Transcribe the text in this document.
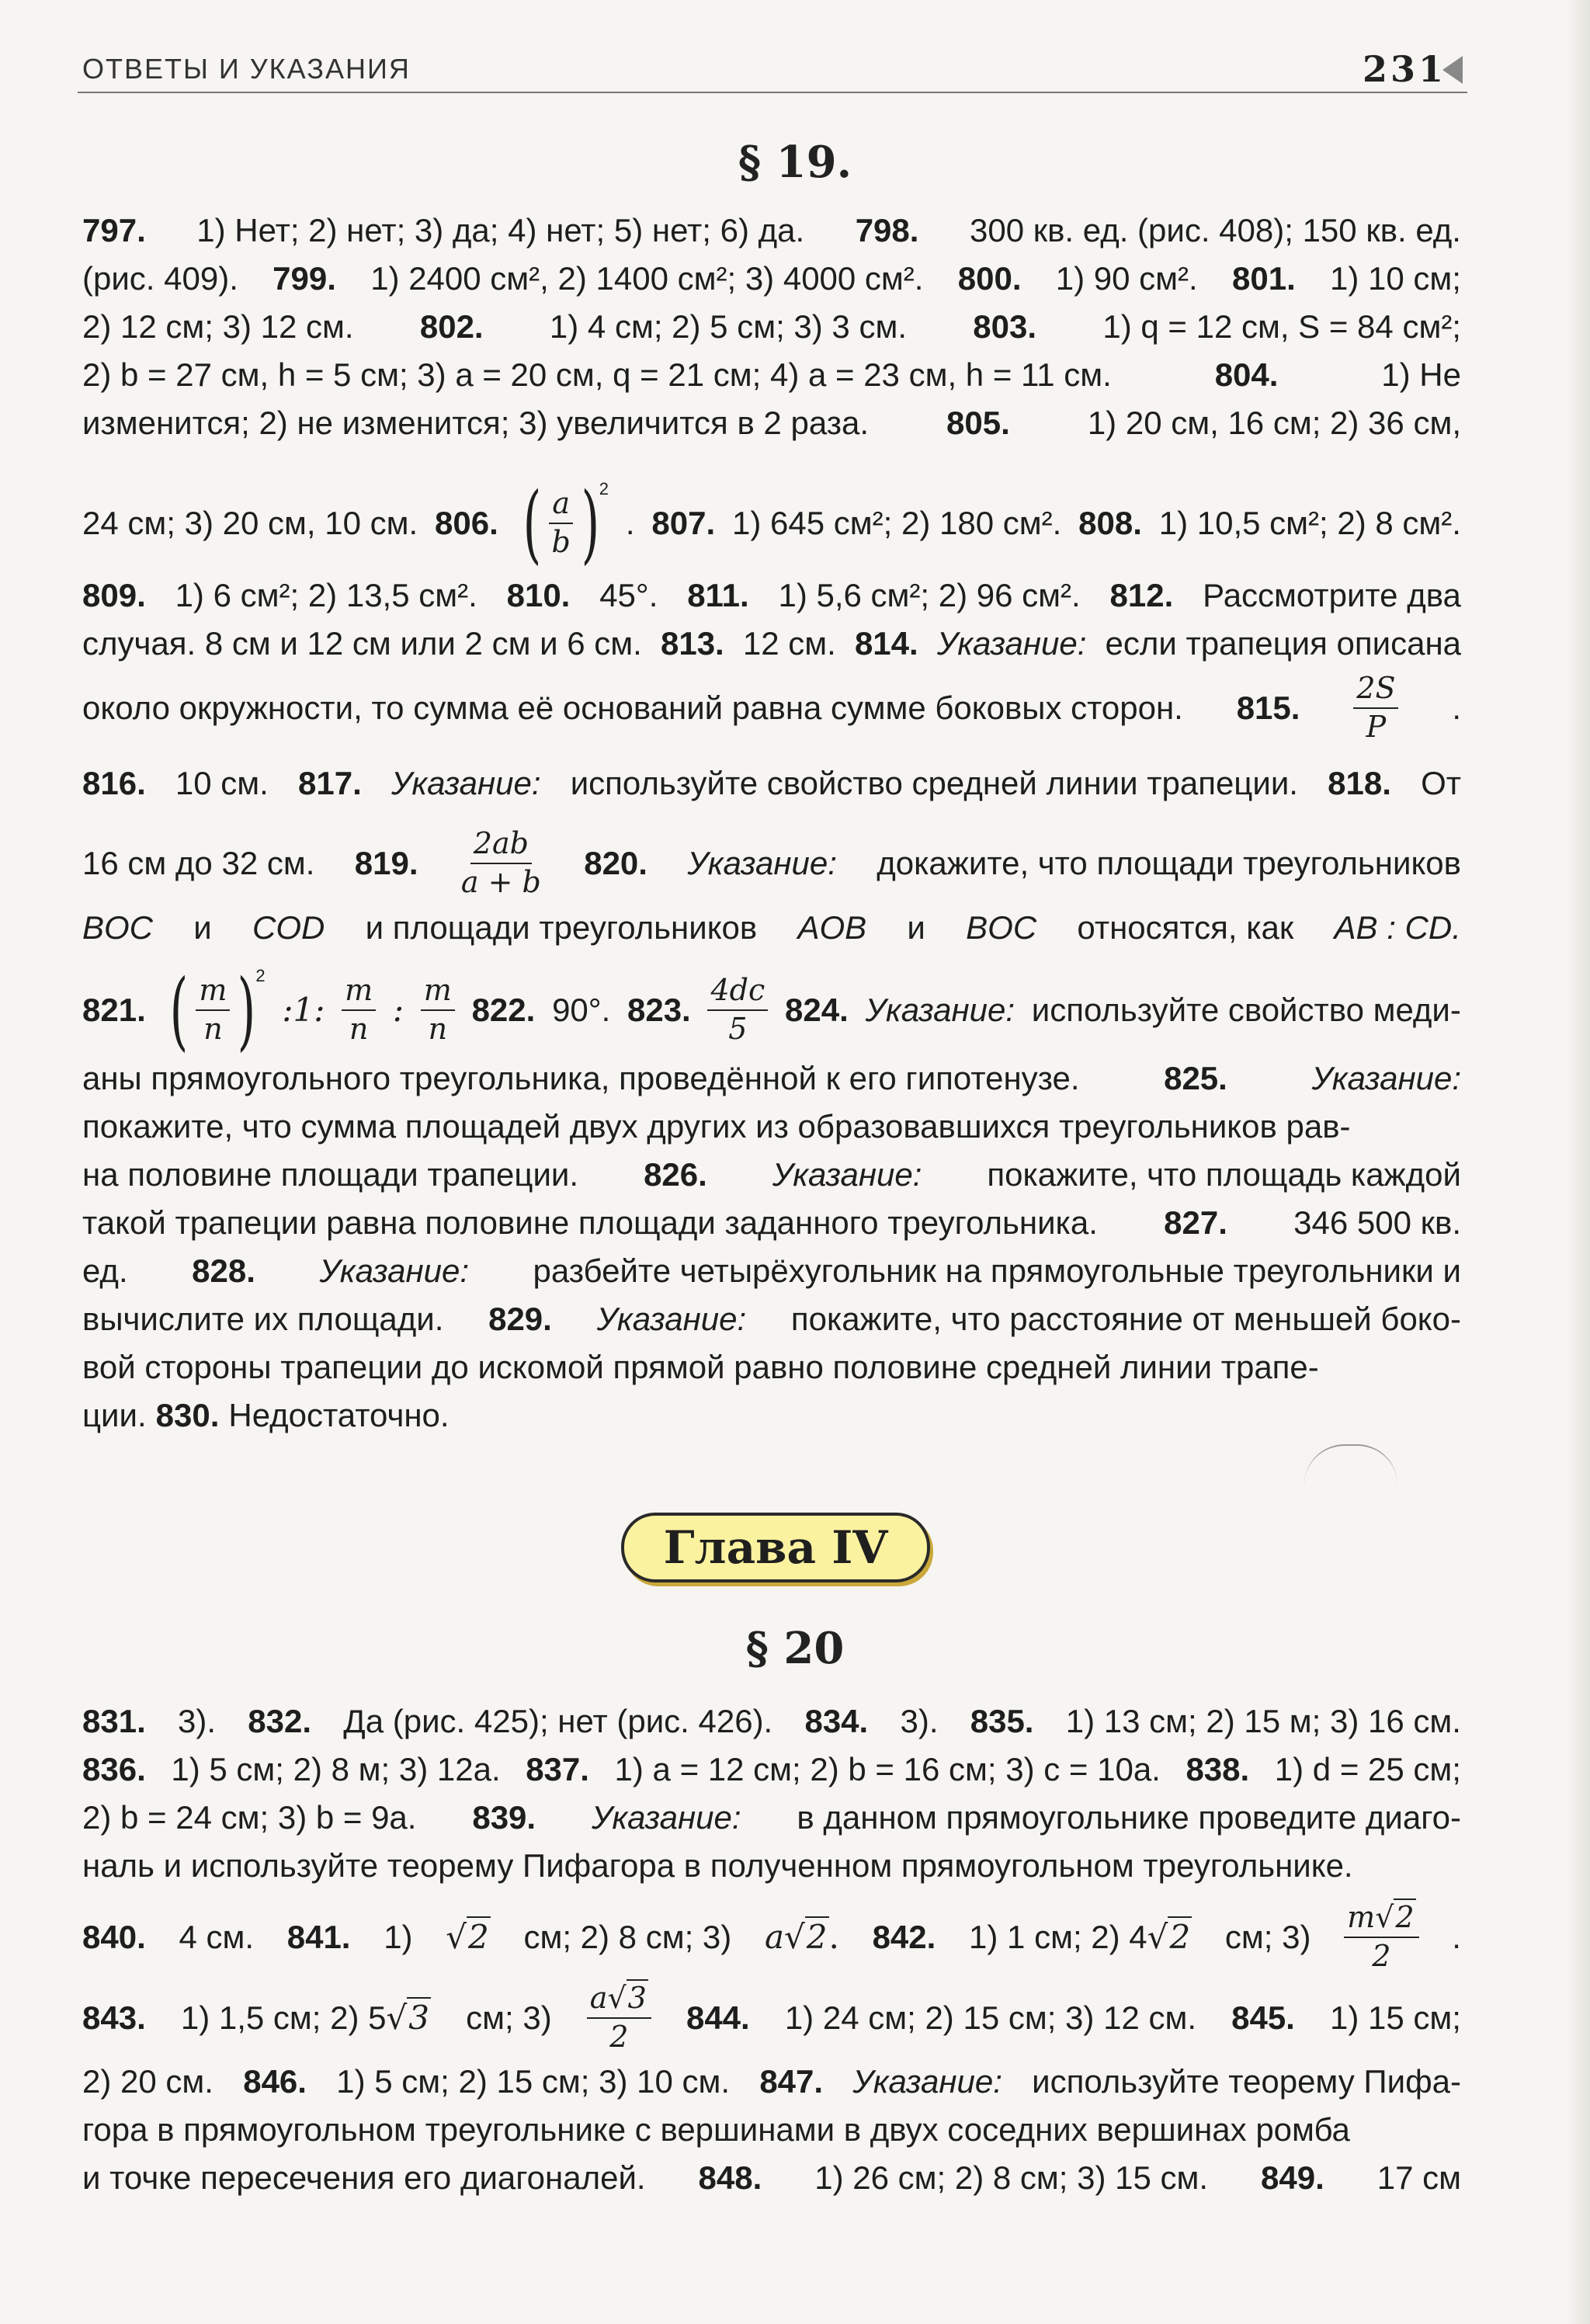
ОТВЕТЫ И УКАЗАНИЯ	231
§ 19.
797. 1) Нет; 2) нет; 3) да; 4) нет; 5) нет; 6) да. 798. 300 кв. ед. (рис. 408); 150 кв. ед.
(рис. 409). 799. 1) 2400 см², 2) 1400 см²; 3) 4000 см². 800. 1) 90 см². 801. 1) 10 см;
2) 12 см; 3) 12 см. 802. 1) 4 см; 2) 5 см; 3) 3 см. 803. 1) q = 12 см, S = 84 см²;
2) b = 27 см, h = 5 см; 3) a = 20 см, q = 21 см; 4) a = 23 см, h = 11 см.	804.	1) Не
изменится; 2) не изменится; 3) увеличится в 2 раза. 805. 1) 20 см, 16 см; 2) 36 см,
809. 1) 6 см²; 2) 13,5 см². 810. 45°. 811. 1) 5,6 см²; 2) 96 см². 812. Рассмотрите два
случая. 8 см и 12 см или 2 см и 6 см. 813. 12 см. 814. Указание: если трапеция описана
816. 10 см. 817. Указание: используйте свойство средней линии трапеции. 818. От
BOC и COD и площади треугольников AOB и BOC относятся, как AB : CD.
аны прямоугольного треугольника, проведённой к его гипотенузе.	825.	Указание:
покажите, что сумма площадей двух других из образовавшихся треугольников рав-
на половине площади трапеции. 826. Указание: покажите, что площадь каждой
такой трапеции равна половине площади заданного треугольника. 827. 346 500 кв.
ед. 828. Указание: разбейте четырёхугольник на прямоугольные треугольники и
вычислите их площади. 829. Указание: покажите, что расстояние от меньшей боко-
вой стороны трапеции до искомой прямой равно половине средней линии трапе-
ции. 830. Недостаточно.
831. 3). 832. Да (рис. 425); нет (рис. 426). 834. 3). 835. 1) 13 см; 2) 15 м; 3) 16 см.
836. 1) 5 см; 2) 8 м; 3) 12a. 837. 1) a = 12 см; 2) b = 16 см; 3) c = 10a. 838. 1) d = 25 см;
2) b = 24 см; 3) b = 9a. 839. Указание: в данном прямоугольнике проведите диаго-
наль и используйте теорему Пифагора в полученном прямоугольном треугольнике.
2) 20 см. 846. 1) 5 см; 2) 15 см; 3) 10 см. 847. Указание: используйте теорему Пифа-
гора в прямоугольном треугольнике с вершинами в двух соседних вершинах ромба
и точке пересечения его диагоналей. 848. 1) 26 см; 2) 8 см; 3) 15 см. 849. 17 см
24 см; 3) 20 см, 10 см. 806. ( $\frac{a}{b} )^2$
. 807. 1) 645 см²; 2) 180 см². 808. 1) 10,5 см²; 2) 8 см².
около окружности, то сумма её оснований равна сумме боковых сторон. 815. $\frac{2S}{P}$ .
16 см до 32 см. 819. $\frac{2ab}{a + b} 820$. Указание: докажите, что площади треугольников
821. ( $\frac{m}{n} )^2$
:1: $\frac{m}{n}$ : $\frac{m}{n} 822$. 90°. 823. $\frac{4dc}{5} 824$. Указание: используйте свойство меди-
Глава IV
§ 20
840. 4 см. 841. 1) √2 см; 2) 8 см; 3) a√2. 842. 1) 1 см; 2) 4√2 см; $3) \frac{m√2}{2}$ .
843. 1) 1,5 см; 2) 5√3 см; $3) \frac{a√3}{2} 844$. 1) 24 см; 2) 15 см; 3) 12 см. 845. 1) 15 см;
